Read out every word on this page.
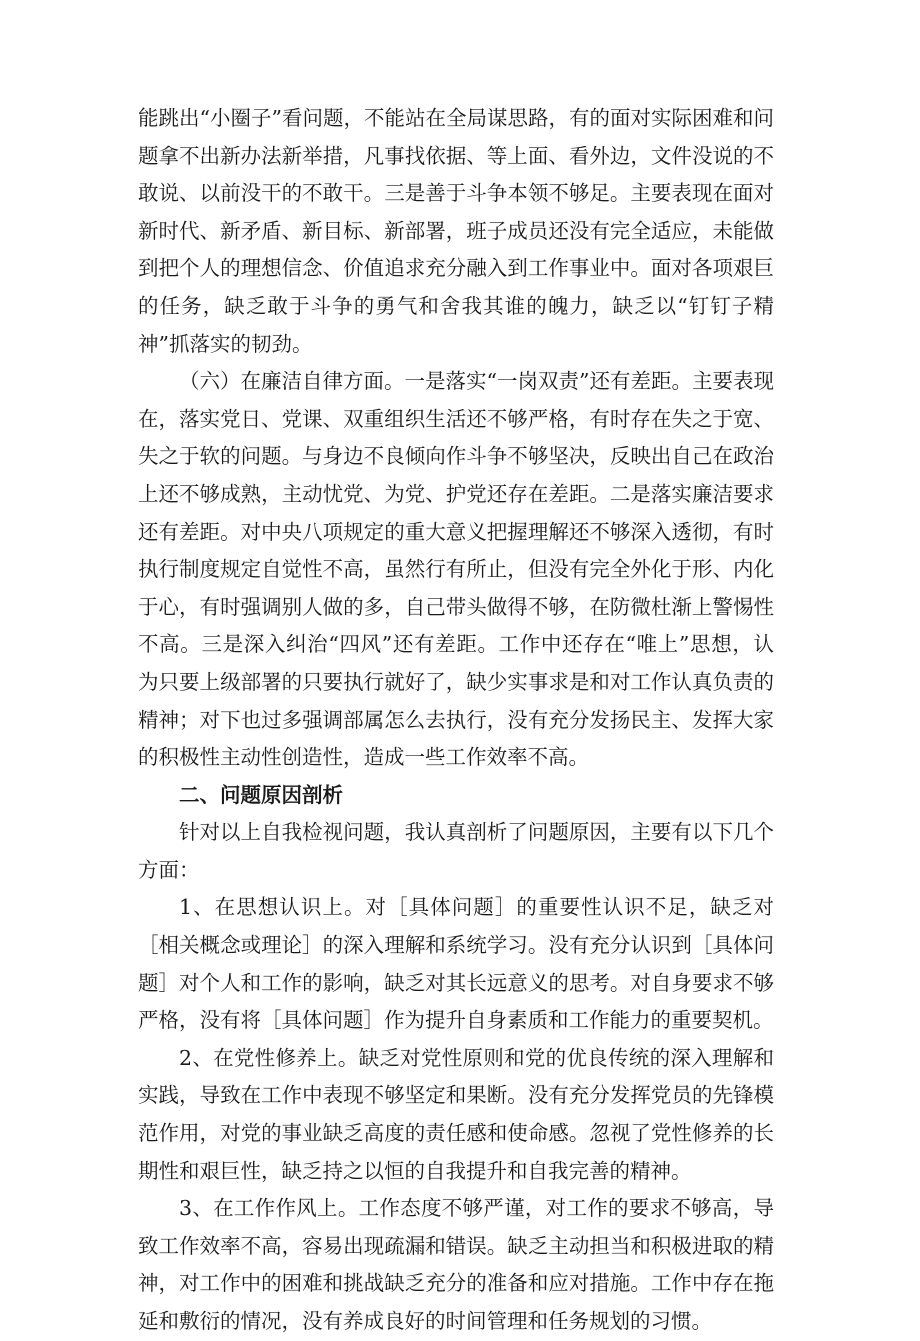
能跳出“小圈子”看问题，不能站在全局谋思路，有的面对实际困难和问题拿不出新办法新举措，凡事找依据、等上面、看外边，文件没说的不敢说、以前没干的不敢干。三是善于斗争本领不够足。主要表现在面对新时代、新矛盾、新目标、新部署，班子成员还没有完全适应，未能做到把个人的理想信念、价值追求充分融入到工作事业中。面对各项艰巨的任务，缺乏敢于斗争的勇气和舍我其谁的魄力，缺乏以“钉钉子精神”抓落实的韧劲。

（六）在廉洁自律方面。一是落实“一岗双责”还有差距。主要表现在，落实党日、党课、双重组织生活还不够严格，有时存在失之于宽、失之于软的问题。与身边不良倾向作斗争不够坚决，反映出自己在政治上还不够成熟，主动忧党、为党、护党还存在差距。二是落实廉洁要求还有差距。对中央八项规定的重大意义把握理解还不够深入透彻，有时执行制度规定自觉性不高，虽然行有所止，但没有完全外化于形、内化于心，有时强调别人做的多，自己带头做得不够，在防微杜渐上警惕性不高。三是深入纠治“四风”还有差距。工作中还存在“唯上”思想，认为只要上级部署的只要执行就好了，缺少实事求是和对工作认真负责的精神；对下也过多强调部属怎么去执行，没有充分发扬民主、发挥大家的积极性主动性创造性，造成一些工作效率不高。

二、问题原因剖析

针对以上自我检视问题，我认真剖析了问题原因，主要有以下几个方面：

1、在思想认识上。对［具体问题］的重要性认识不足，缺乏对［相关概念或理论］的深入理解和系统学习。没有充分认识到［具体问题］对个人和工作的影响，缺乏对其长远意义的思考。对自身要求不够严格，没有将［具体问题］作为提升自身素质和工作能力的重要契机。

2、在党性修养上。缺乏对党性原则和党的优良传统的深入理解和实践，导致在工作中表现不够坚定和果断。没有充分发挥党员的先锋模范作用，对党的事业缺乏高度的责任感和使命感。忽视了党性修养的长期性和艰巨性，缺乏持之以恒的自我提升和自我完善的精神。

3、在工作作风上。工作态度不够严谨，对工作的要求不够高，导致工作效率不高，容易出现疏漏和错误。缺乏主动担当和积极进取的精神，对工作中的困难和挑战缺乏充分的准备和应对措施。工作中存在拖延和敷衍的情况，没有养成良好的时间管理和任务规划的习惯。
